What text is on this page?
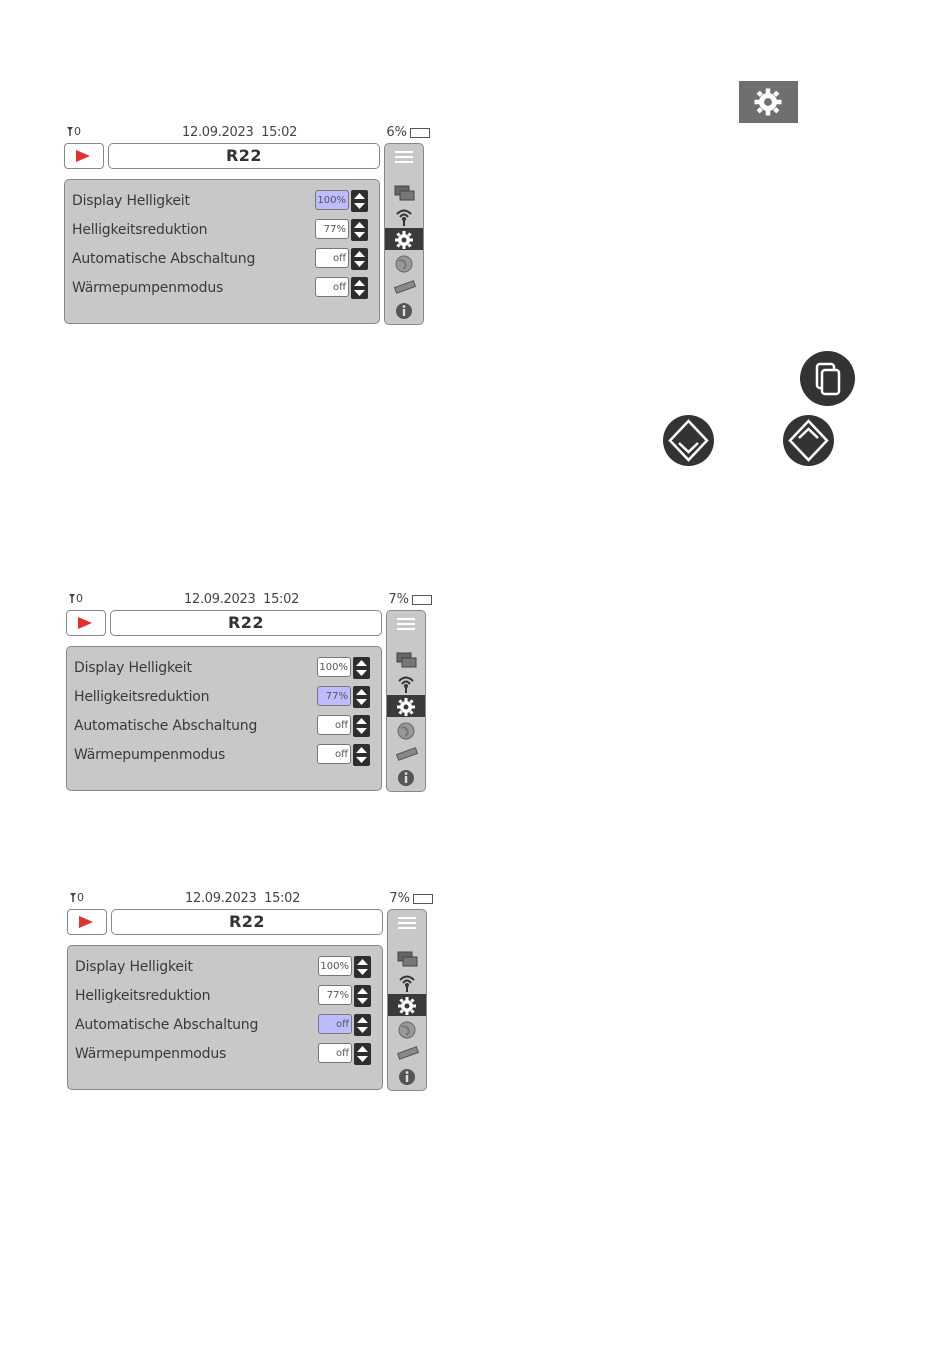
0	12.09.2023  15:02	6%
R22
Display Helligkeit	100%
Helligkeitsreduktion	77%
Automatische Abschaltung	off
Wärmepumpenmodus	off
0	12.09.2023  15:02	7%
R22
Display Helligkeit	100%
Helligkeitsreduktion	77%
Automatische Abschaltung	off
Wärmepumpenmodus	off
0	12.09.2023  15:02	7%
R22
Display Helligkeit	100%
Helligkeitsreduktion	77%
Automatische Abschaltung	off
Wärmepumpenmodus	off
